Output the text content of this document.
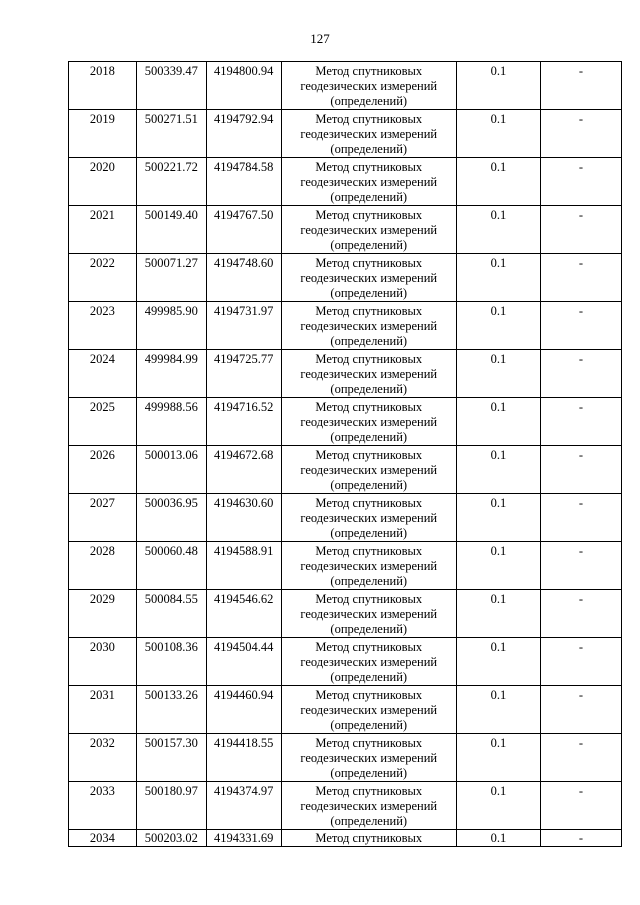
127
2018	500339.47	4194800.94	Метод спутниковых геодезических измерений (определений)	0.1	-
2019	500271.51	4194792.94	Метод спутниковых геодезических измерений (определений)	0.1	-
2020	500221.72	4194784.58	Метод спутниковых геодезических измерений (определений)	0.1	-
2021	500149.40	4194767.50	Метод спутниковых геодезических измерений (определений)	0.1	-
2022	500071.27	4194748.60	Метод спутниковых геодезических измерений (определений)	0.1	-
2023	499985.90	4194731.97	Метод спутниковых геодезических измерений (определений)	0.1	-
2024	499984.99	4194725.77	Метод спутниковых геодезических измерений (определений)	0.1	-
2025	499988.56	4194716.52	Метод спутниковых геодезических измерений (определений)	0.1	-
2026	500013.06	4194672.68	Метод спутниковых геодезических измерений (определений)	0.1	-
2027	500036.95	4194630.60	Метод спутниковых геодезических измерений (определений)	0.1	-
2028	500060.48	4194588.91	Метод спутниковых геодезических измерений (определений)	0.1	-
2029	500084.55	4194546.62	Метод спутниковых геодезических измерений (определений)	0.1	-
2030	500108.36	4194504.44	Метод спутниковых геодезических измерений (определений)	0.1	-
2031	500133.26	4194460.94	Метод спутниковых геодезических измерений (определений)	0.1	-
2032	500157.30	4194418.55	Метод спутниковых геодезических измерений (определений)	0.1	-
2033	500180.97	4194374.97	Метод спутниковых геодезических измерений (определений)	0.1	-
2034	500203.02	4194331.69	Метод спутниковых	0.1	-
